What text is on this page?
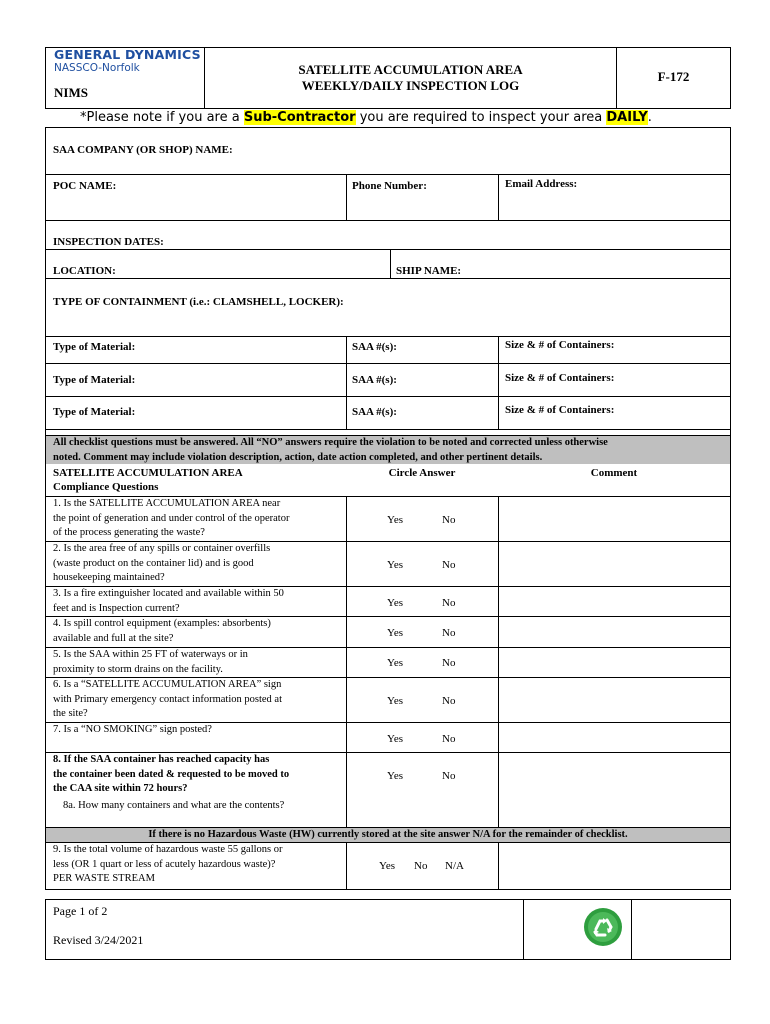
GENERAL DYNAMICS
NASSCO-Norfolk
NIMS
SATELLITE ACCUMULATION AREA
WEEKLY/DAILY INSPECTION LOG
F-172
*Please note if you are a Sub-Contractor you are required to inspect your area DAILY.
SAA COMPANY (OR SHOP) NAME:
POC NAME:	Phone Number:	Email Address:
INSPECTION DATES:
LOCATION:	SHIP NAME:
TYPE OF CONTAINMENT (i.e.: CLAMSHELL, LOCKER):
Type of Material:	SAA #(s):	Size & # of Containers:
Type of Material:	SAA #(s):	Size & # of Containers:
Type of Material:	SAA #(s):	Size & # of Containers:
All checklist questions must be answered. All “NO” answers require the violation to be noted and corrected unless otherwise
noted. Comment may include violation description, action, date action completed, and other pertinent details.
SATELLITE ACCUMULATION AREA
Compliance Questions
Circle Answer	Comment
1. Is the SATELLITE ACCUMULATION AREA near
the point of generation and under control of the operator
of the process generating the waste?
Yes	No
2. Is the area free of any spills or container overfills
(waste product on the container lid) and is good
housekeeping maintained?
Yes	No
3. Is a fire extinguisher located and available within 50
feet and is Inspection current?	Yes	No
4. Is spill control equipment (examples: absorbents)
available and full at the site?	Yes	No
5. Is the SAA within 25 FT of waterways or in
proximity to storm drains on the facility.	Yes	No
6. Is a “SATELLITE ACCUMULATION AREA” sign
with Primary emergency contact information posted at
the site?
Yes	No
7. Is a “NO SMOKING” sign posted?
Yes	No
8. If the SAA container has reached capacity has
the container been dated & requested to be moved to
the CAA site within 72 hours?
Yes	No
8a. How many containers and what are the contents?
If there is no Hazardous Waste (HW) currently stored at the site answer N/A for the remainder of checklist.
9. Is the total volume of hazardous waste 55 gallons or
less (OR 1 quart or less of acutely hazardous waste)?
PER WASTE STREAM
Yes No N/A
Page 1 of 2
Revised 3/24/2021
